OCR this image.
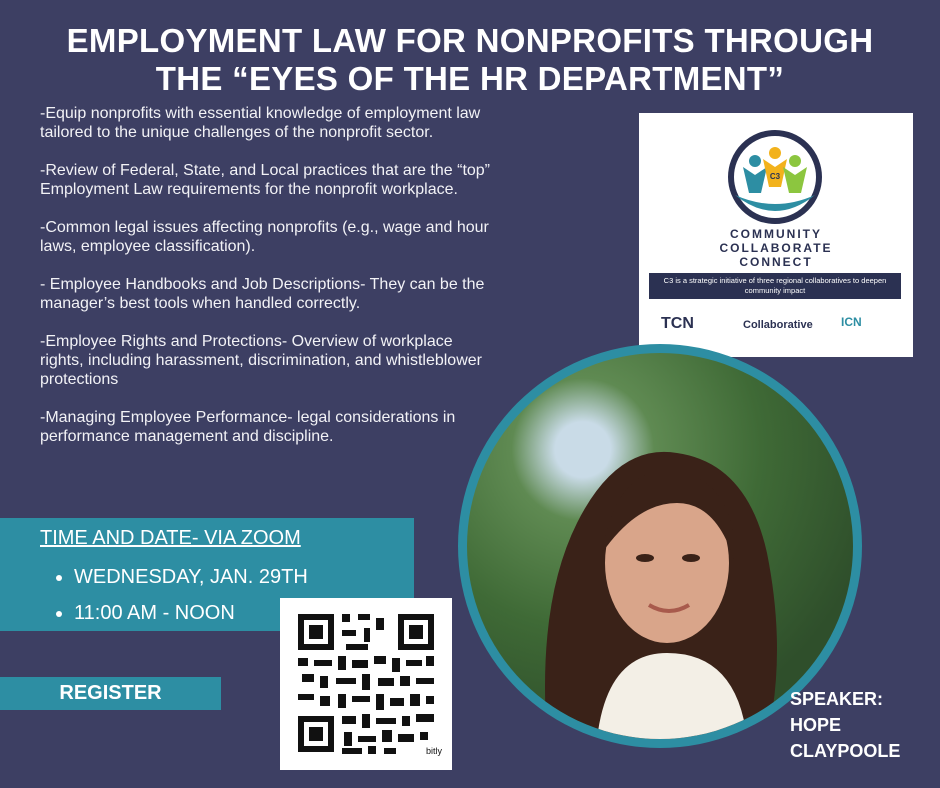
EMPLOYMENT LAW FOR NONPROFITS THROUGH
THE “EYES OF THE HR DEPARTMENT”

-Equip nonprofits with essential knowledge of employment law tailored to the unique challenges of the nonprofit sector.

-Review of Federal, State, and Local practices that are the “top” Employment Law requirements for the nonprofit workplace.

-Common legal issues affecting nonprofits (e.g., wage and hour laws, employee classification).

- Employee Handbooks and Job Descriptions- They can be the manager’s best tools when handled correctly.

-Employee Rights and Protections- Overview of workplace rights, including harassment, discrimination, and whistleblower protections

-Managing Employee Performance- legal considerations in performance management and discipline.

C3
COMMUNITY
COLLABORATE
CONNECT
C3 is a strategic initiative of three regional collaboratives to deepen community impact
TCN	Collaborative ICN
TIME AND DATE- VIA ZOOM
WEDNESDAY, JAN. 29TH
11:00 AM - NOON
bitly
REGISTER	SPEAKER:
HOPE
CLAYPOOLE
